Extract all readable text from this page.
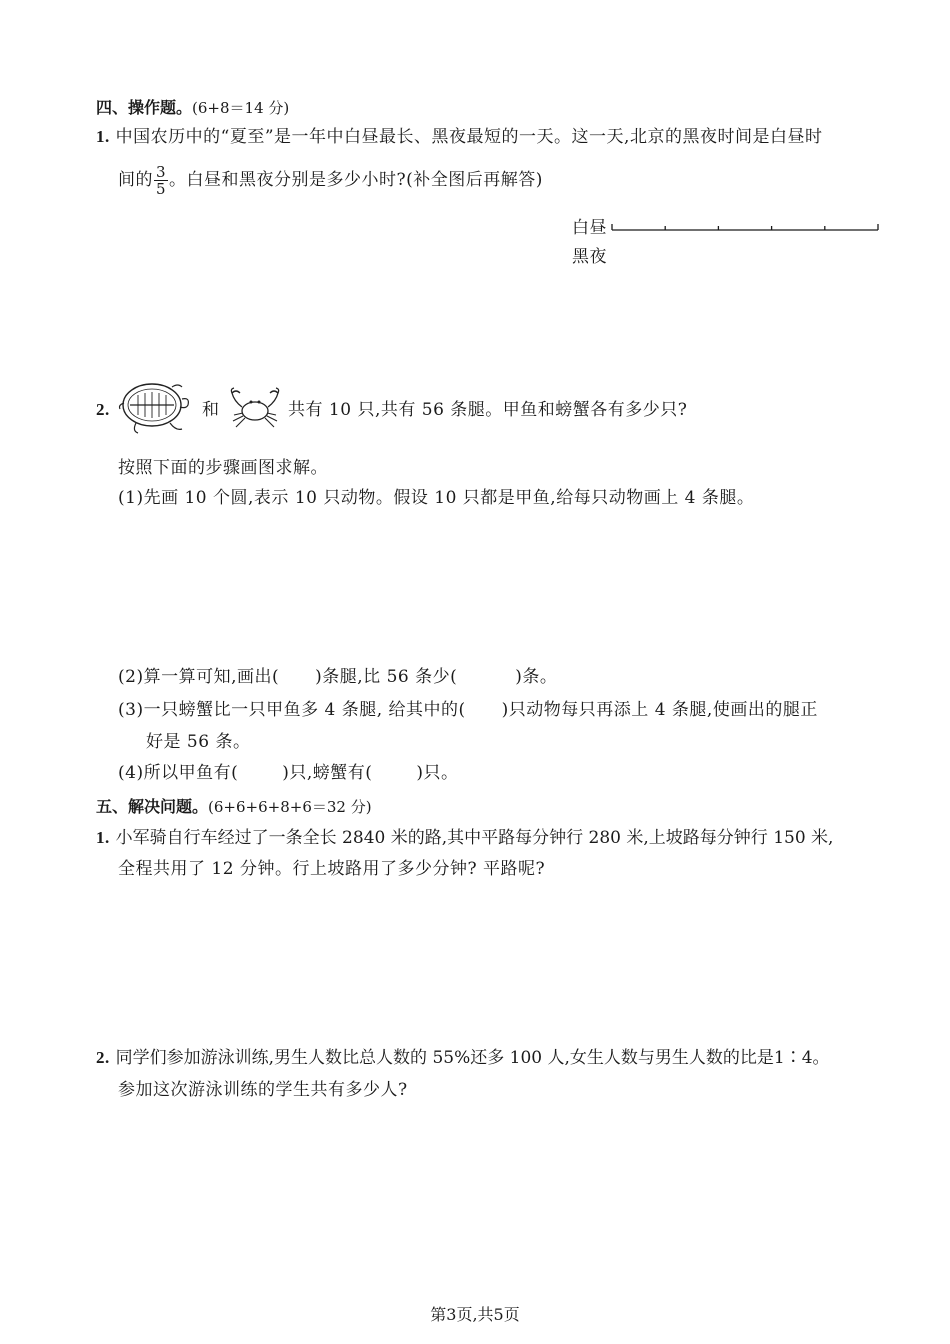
四、操作题。(6+8＝14 分)
1. 中国农历中的“夏至”是一年中白昼最长、黑夜最短的一天。这一天,北京的黑夜时间是白昼时
间的 $\frac{3}{5}$ 。白昼和黑夜分别是多少小时?(补全图后再解答)
白昼
黑夜
2.	和	共有 10 只,共有 56 条腿。甲鱼和螃蟹各有多少只?
按照下面的步骤画图求解。
(1)先画 10 个圆,表示 10 只动物。假设 10 只都是甲鱼,给每只动物画上 4 条腿。
(2)算一算可知,画出( )条腿,比 56 条少(	)条。
(3)一只螃蟹比一只甲鱼多 4 条腿, 给其中的( )只动物每只再添上 4 条腿,使画出的腿正
好是 56 条。
(4)所以甲鱼有(	)只,螃蟹有(	)只。
五、解决问题。(6+6+6+8+6＝32 分)
1. 小军骑自行车经过了一条全长 2840 米的路,其中平路每分钟行 280 米,上坡路每分钟行 150 米,
全程共用了 12 分钟。行上坡路用了多少分钟? 平路呢?
2. 同学们参加游泳训练,男生人数比总人数的 55%还多 100 人,女生人数与男生人数的比是1∶4。
参加这次游泳训练的学生共有多少人?
第3页,共5页
